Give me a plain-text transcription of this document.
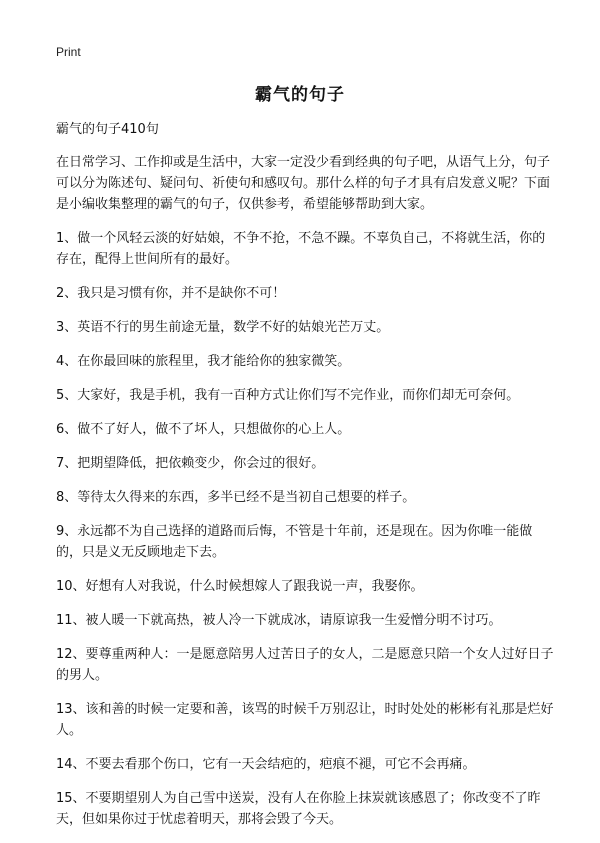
Print
霸气的句子

霸气的句子410句

在日常学习、工作抑或是生活中，大家一定没少看到经典的句子吧，从语气上分，句子可以分为陈述句、疑问句、祈使句和感叹句。那什么样的句子才具有启发意义呢？下面是小编收集整理的霸气的句子，仅供参考，希望能够帮助到大家。

1、做一个风轻云淡的好姑娘，不争不抢，不急不躁。不辜负自己，不将就生活，你的存在，配得上世间所有的最好。

2、我只是习惯有你，并不是缺你不可！

3、英语不行的男生前途无量，数学不好的姑娘光芒万丈。

4、在你最回味的旅程里，我才能给你的独家微笑。

5、大家好，我是手机，我有一百种方式让你们写不完作业，而你们却无可奈何。

6、做不了好人，做不了坏人，只想做你的心上人。

7、把期望降低，把依赖变少，你会过的很好。

8、等待太久得来的东西，多半已经不是当初自己想要的样子。

9、永远都不为自己选择的道路而后悔，不管是十年前，还是现在。因为你唯一能做的，只是义无反顾地走下去。

10、好想有人对我说，什么时候想嫁人了跟我说一声，我娶你。

11、被人暖一下就高热，被人冷一下就成冰，请原谅我一生爱憎分明不讨巧。

12、要尊重两种人：一是愿意陪男人过苦日子的女人，二是愿意只陪一个女人过好日子的男人。

13、该和善的时候一定要和善，该骂的时候千万别忍让，时时处处的彬彬有礼那是烂好人。

14、不要去看那个伤口，它有一天会结疤的，疤痕不褪，可它不会再痛。

15、不要期望别人为自己雪中送炭，没有人在你脸上抹炭就该感恩了；你改变不了昨天，但如果你过于忧虑着明天，那将会毁了今天。
